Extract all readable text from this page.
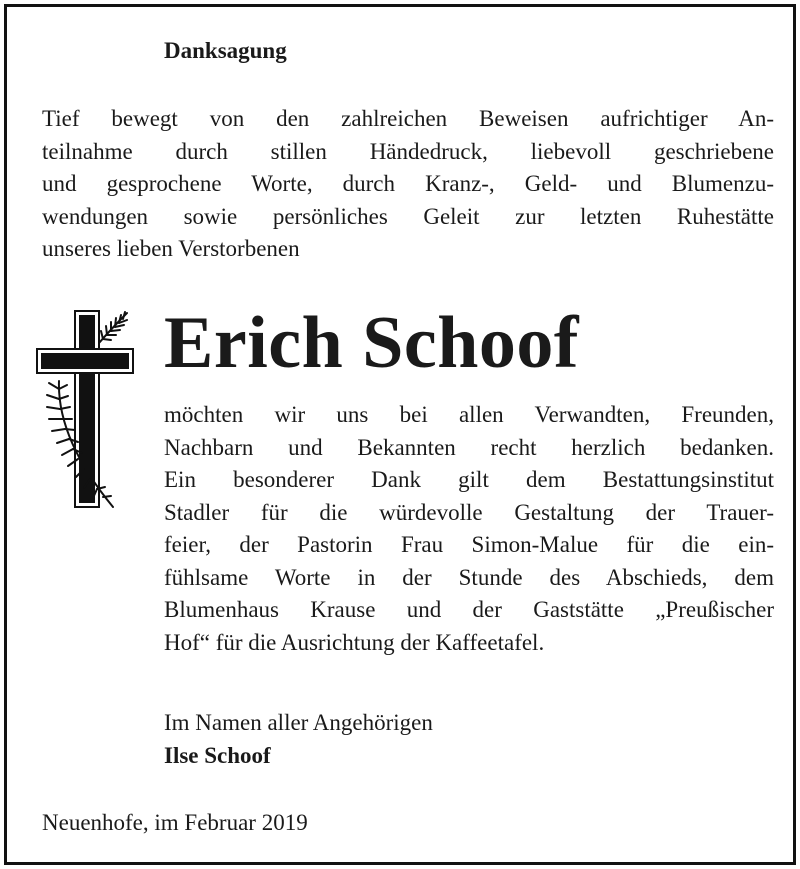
Danksagung

Tief bewegt von den zahlreichen Beweisen aufrichtiger An-
teilnahme durch stillen Händedruck, liebevoll geschriebene
und gesprochene Worte, durch Kranz-, Geld- und Blumenzu-
wendungen sowie persönliches Geleit zur letzten Ruhestätte
unseres lieben Verstorbenen

Erich Schoof

möchten wir uns bei allen Verwandten, Freunden,
Nachbarn und Bekannten recht herzlich bedanken.
Ein besonderer Dank gilt dem Bestattungsinstitut
Stadler für die würdevolle Gestaltung der Trauer-
feier, der Pastorin Frau Simon-Malue für die ein-
fühlsame Worte in der Stunde des Abschieds, dem
Blumenhaus Krause und der Gaststätte „Preußischer
Hof“ für die Ausrichtung der Kaffeetafel.

Im Namen aller Angehörigen

Ilse Schoof

Neuenhofe, im Februar 2019
